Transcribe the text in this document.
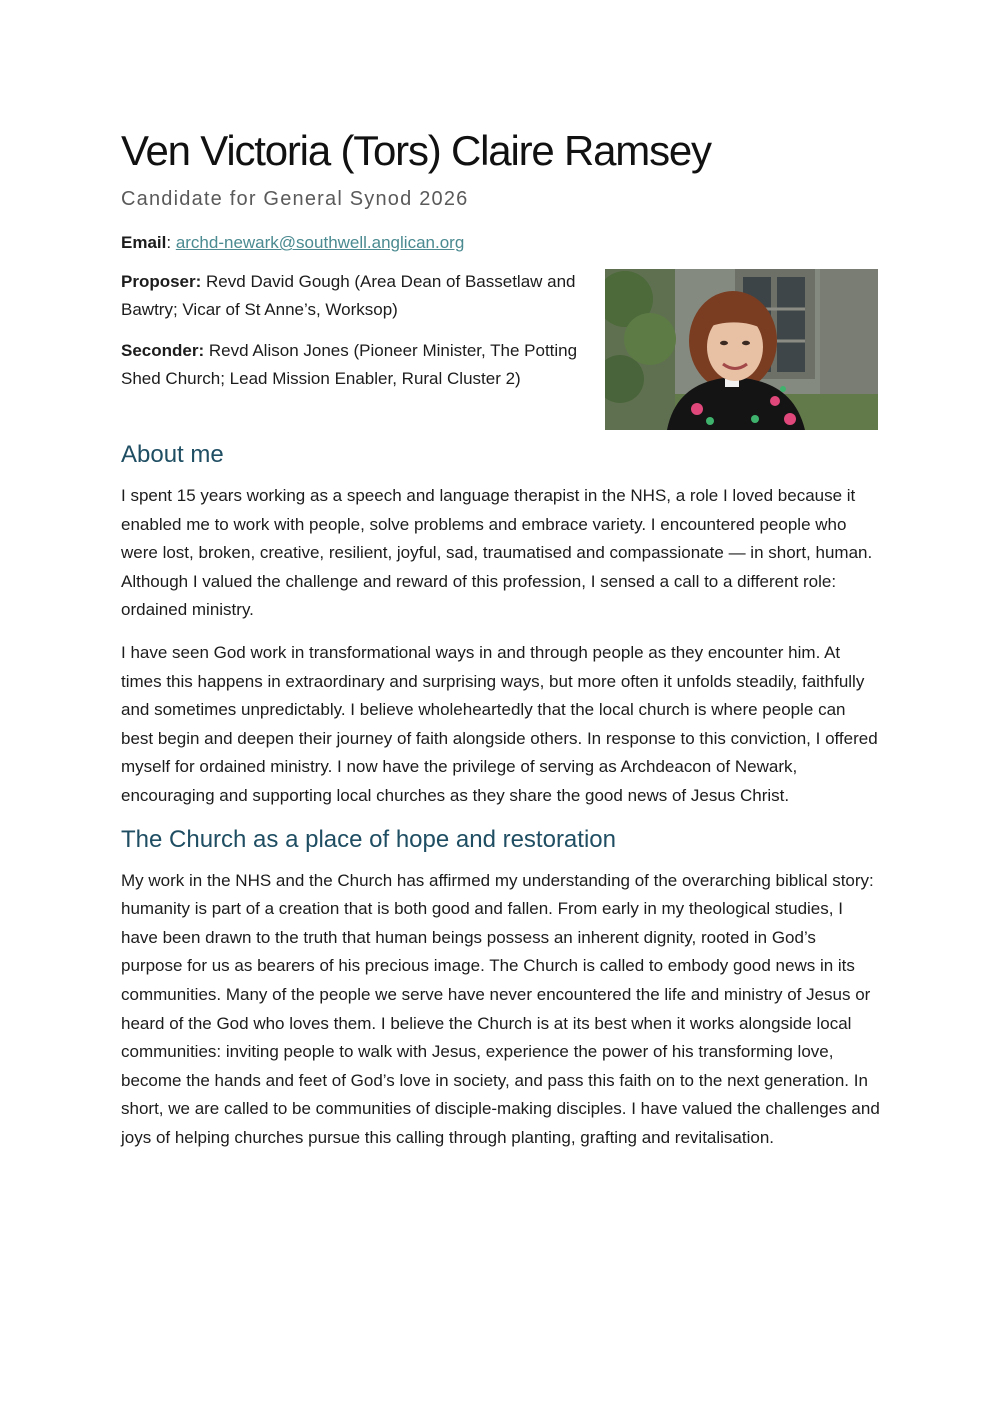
Ven Victoria (Tors) Claire Ramsey
Candidate for General Synod 2026
Email: archd-newark@southwell.anglican.org

Proposer: Revd David Gough (Area Dean of Bassetlaw and Bawtry; Vicar of St Anne’s, Worksop)

Seconder: Revd Alison Jones (Pioneer Minister, The Potting Shed Church; Lead Mission Enabler, Rural Cluster 2)

About me

I spent 15 years working as a speech and language therapist in the NHS, a role I loved because it enabled me to work with people, solve problems and embrace variety. I encountered people who were lost, broken, creative, resilient, joyful, sad, traumatised and compassionate — in short, human. Although I valued the challenge and reward of this profession, I sensed a call to a different role: ordained ministry.

I have seen God work in transformational ways in and through people as they encounter him. At times this happens in extraordinary and surprising ways, but more often it unfolds steadily, faithfully and sometimes unpredictably. I believe wholeheartedly that the local church is where people can best begin and deepen their journey of faith alongside others. In response to this conviction, I offered myself for ordained ministry. I now have the privilege of serving as Archdeacon of Newark, encouraging and supporting local churches as they share the good news of Jesus Christ.

The Church as a place of hope and restoration

My work in the NHS and the Church has affirmed my understanding of the overarching biblical story: humanity is part of a creation that is both good and fallen. From early in my theological studies, I have been drawn to the truth that human beings possess an inherent dignity, rooted in God’s purpose for us as bearers of his precious image. The Church is called to embody good news in its communities. Many of the people we serve have never encountered the life and ministry of Jesus or heard of the God who loves them. I believe the Church is at its best when it works alongside local communities: inviting people to walk with Jesus, experience the power of his transforming love, become the hands and feet of God’s love in society, and pass this faith on to the next generation. In short, we are called to be communities of disciple-making disciples. I have valued the challenges and joys of helping churches pursue this calling through planting, grafting and revitalisation.
